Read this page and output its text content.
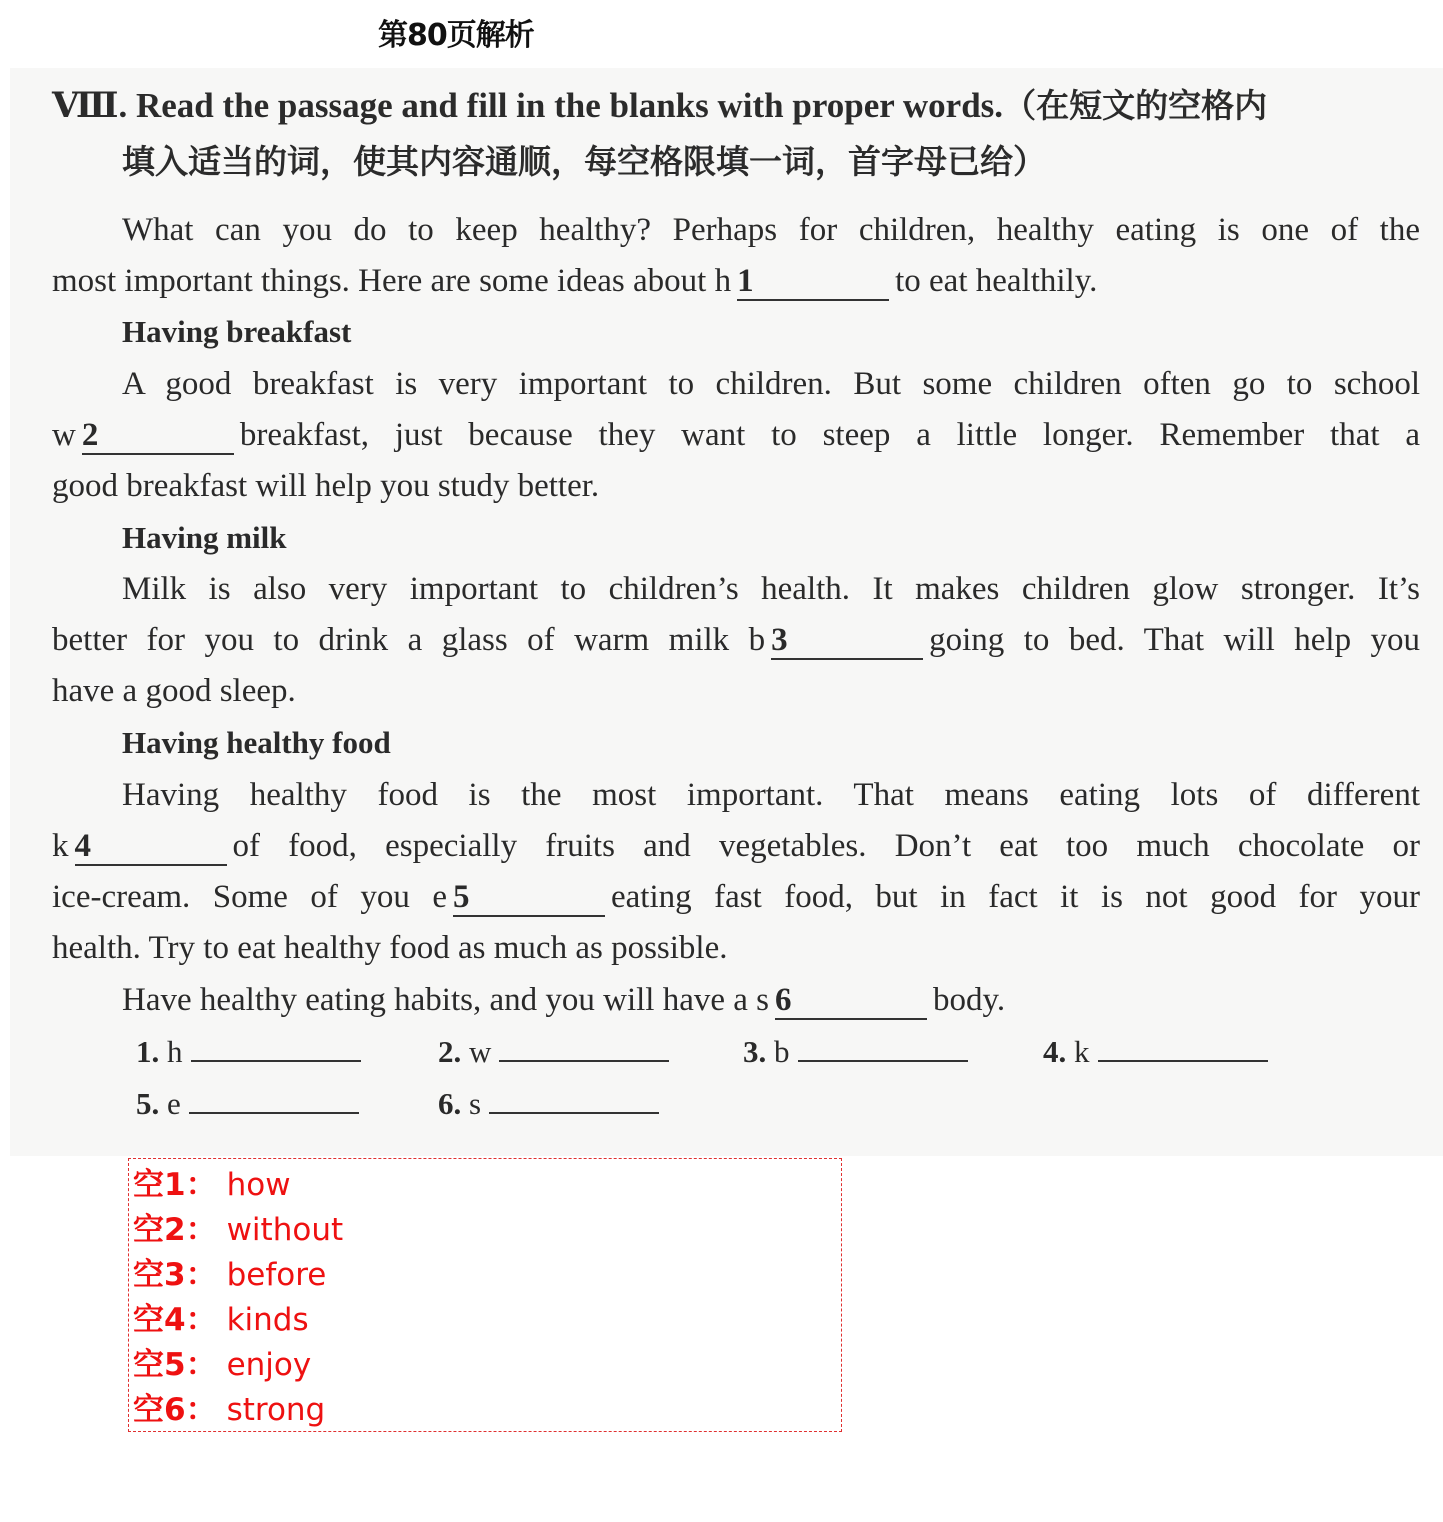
第80页解析
Ⅷ. Read the passage and fill in the blanks with proper words.（在短文的空格内
填入适当的词，使其内容通顺，每空格限填一词，首字母已给）
What can you do to keep healthy? Perhaps for children, healthy eating is one of the
most important things. Here are some ideas about h 1	to eat healthily.
Having breakfast
A good breakfast is very important to children. But some children often go to school
w 2	breakfast, just because they want to steep a little longer. Remember that a
good breakfast will help you study better.
Having milk
Milk is also very important to children’s health. It makes children glow stronger. It’s
better for you to drink a glass of warm milk b 3	going to bed. That will help you
have a good sleep.
Having healthy food
Having healthy food is the most important. That means eating lots of different
k 4	of food, especially fruits and vegetables. Don’t eat too much chocolate or
ice-cream. Some of you e 5	eating fast food, but in fact it is not good for your
health. Try to eat healthy food as much as possible.
Have healthy eating habits, and you will have a s 6	body.
1. h	2. w	3. b	4. k
5. e	6. s
空1： how
空2： without
空3： before
空4： kinds
空5： enjoy
空6： strong
